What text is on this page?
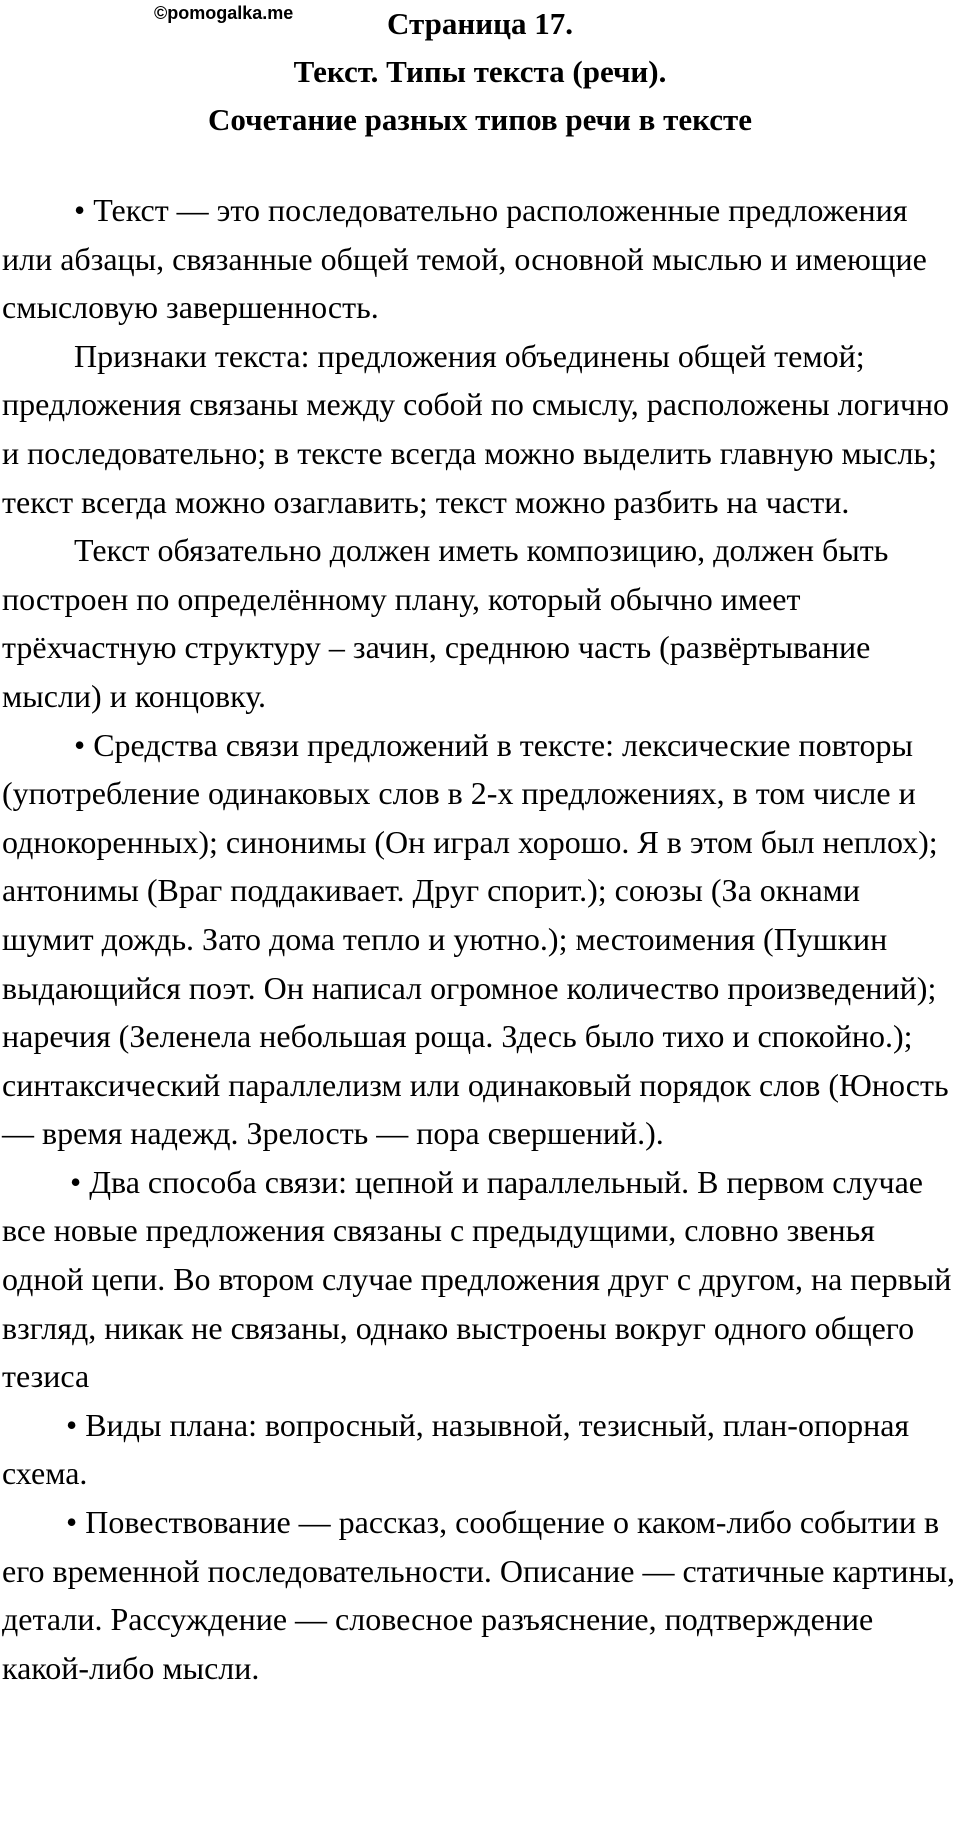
©pomogalka.me	Страница 17.
Текст. Типы текста (речи).
Сочетание разных типов речи в тексте

• Текст — это последовательно расположенные предложения или абзацы, связанные общей темой, основной мыслью и имеющие смысловую завершенность.

Признаки текста: предложения объединены общей темой; предложения связаны между собой по смыслу, расположены логично и последовательно; в тексте всегда можно выделить главную мысль; текст всегда можно озаглавить; текст можно разбить на части.

Текст обязательно должен иметь композицию, должен быть построен по определённому плану, который обычно имеет трёхчастную структуру – зачин, среднюю часть (развёртывание мысли) и концовку.

• Средства связи предложений в тексте: лексические повторы (употребление одинаковых слов в 2-х предложениях, в том числе и однокоренных); синонимы (Он играл хорошо. Я в этом был неплох); антонимы (Враг поддакивает. Друг спорит.); союзы (За окнами шумит дождь. Зато дома тепло и уютно.); местоимения (Пушкин выдающийся поэт. Он написал огромное количество произведений); наречия (Зеленела небольшая роща. Здесь было тихо и спокойно.); синтаксический параллелизм или одинаковый порядок слов (Юность — время надежд. Зрелость — пора свершений.).

• Два способа связи: цепной и параллельный. В первом случае все новые предложения связаны с предыдущими, словно звенья одной цепи. Во втором случае предложения друг с другом, на первый взгляд, никак не связаны, однако выстроены вокруг одного общего тезиса

• Виды плана: вопросный, назывной, тезисный, план-опорная схема.

• Повествование — рассказ, сообщение о каком-либо событии в его временной последовательности. Описание — статичные картины, детали. Рассуждение — словесное разъяснение, подтверждение какой-либо мысли.
